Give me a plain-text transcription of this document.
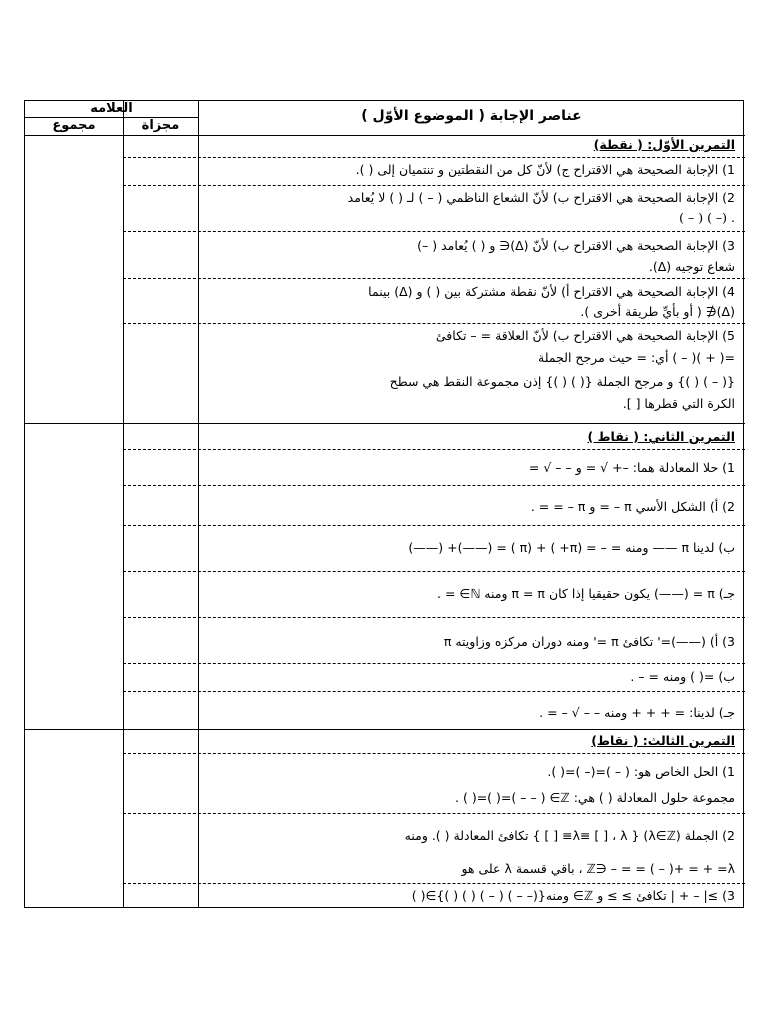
العلامه
مجموع	مجزاة
عناصر الإجابة ( الموضوع الأوّل )
التمرين الأوّل: ( نقطة)
1) الإجابة الصحيحة هي الاقتراح ج) لأنّ كل من النقطتين و تنتميان إلى ( ).
2) الإجابة الصحيحة هي الاقتراح ب) لأنّ الشعاع الناظمي ( – ) لـ ( ) لا يُعامد
. (– ) ( – )
3) الإجابة الصحيحة هي الاقتراح ب) لأنّ (Δ)∈ و ( ) يُعامد ( –)
شعاع توجيه (Δ).
4) الإجابة الصحيحة هي الاقتراح أ) لأنّ نقطة مشتركة بين ( ) و (Δ) بينما
(Δ)∉ ( أو بأيِّ طريقة أخرى ).
5) الإجابة الصحيحة هي الاقتراح ب) لأنّ العلاقة = – تكافئ
=( + )( – ) أي: = حيث مرجح الجملة
{( – ) ( )} و مرجح الجملة {( ) ( )} إذن مجموعة النقط هي سطح
الكرة التي قطرها [ ].
التمرين الثاني: ( نقاط )
1) حلا المعادلة هما: –+ √ = و – – √ =
2) أ) الشكل الأسي π – = و π – = = .
ب) لدينا π —— ومنه = – = (π+ ) + (π ) = (——)+ (——)
جـ) π = (——) يكون حقيقيا إذا كان π = π ومنه ℕ∋ = .
3) أ) (——)=' تكافئ π =' ومنه دوران مركزه وزاويته π
ب) =( ) ومنه = – .
جـ) لدينا: = + + + ومنه – – √ – = .
التمرين الثالث: ( نقاط)
1) الحل الخاص هو: ( – )=(– )=( ).
مجموعة حلول المعادلة ( ) هي: ℤ∋ ( – – )=( )=( ) .
2) الجملة (λ∈ℤ) { λ≡ [ ] ، λ≡ [ ] } تكافئ المعادلة ( ). ومنه
ℤ∋ – = = ( – )+ = + =λ ، باقي قسمة λ على هو
3) ≥| – + | تكافئ ≥ ≥ و ℤ∋ ومنه{(– – ) ( – ) ( ) ( )}∋( )
